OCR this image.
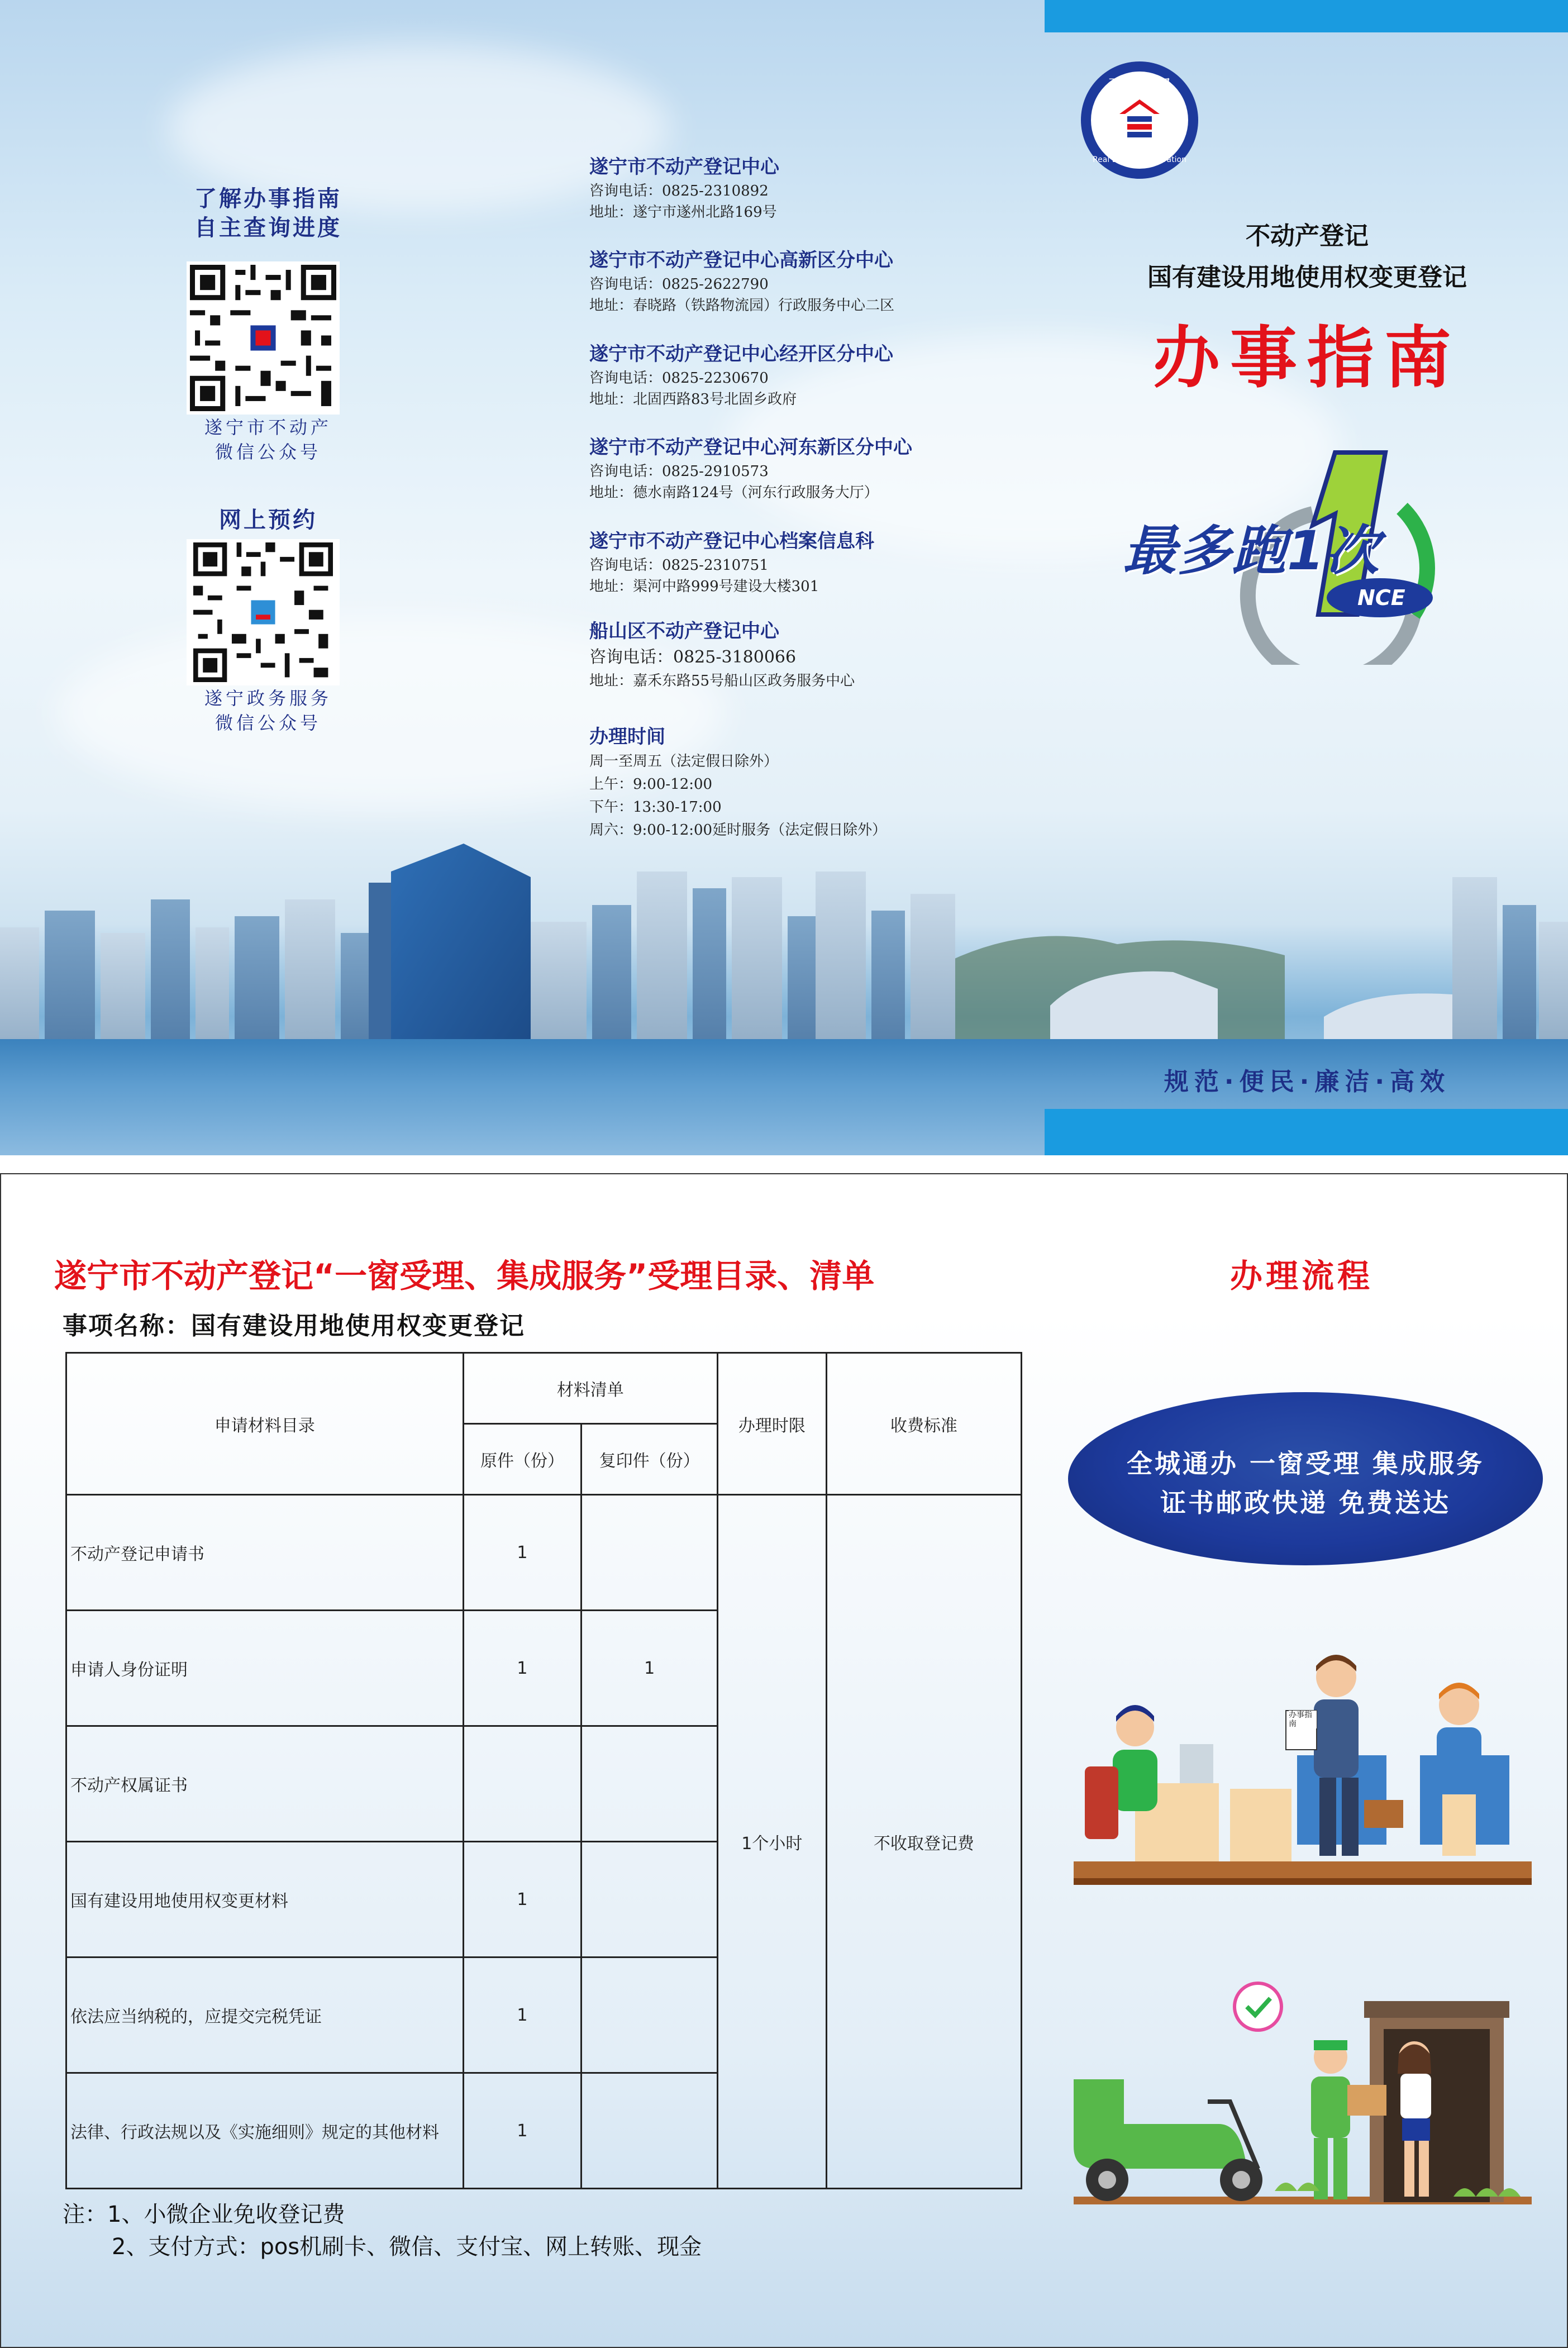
了解办事指南
自主查询进度
遂宁市不动产
微信公众号
网上预约
遂宁政务服务
微信公众号
遂宁市不动产登记中心
咨询电话：0825-2310892
地址：遂宁市遂州北路169号
遂宁市不动产登记中心高新区分中心
咨询电话：0825-2622790
地址：春晓路（铁路物流园）行政服务中心二区
遂宁市不动产登记中心经开区分中心
咨询电话：0825-2230670
地址：北固西路83号北固乡政府
遂宁市不动产登记中心河东新区分中心
咨询电话：0825-2910573
地址：德水南路124号（河东行政服务大厅）
遂宁市不动产登记中心档案信息科
咨询电话：0825-2310751
地址：渠河中路999号建设大楼301
船山区不动产登记中心
咨询电话：0825-3180066
地址：嘉禾东路55号船山区政务服务中心
办理时间
周一至周五（法定假日除外）
上午：9:00-12:00
下午：13:30-17:00
周六：9:00-12:00延时服务（法定假日除外）
不动产登记
Real Estate Registration
不动产登记
国有建设用地使用权变更登记
办事指南
最多跑1次
NCE
规范·便民·廉洁·高效
遂宁市不动产登记“一窗受理、集成服务”受理目录、清单
事项名称：国有建设用地使用权变更登记
办理流程
申请材料目录	材料清单		办理时限	收费标准
	原件（份）	复印件（份）		
不动产登记申请书	1		1个小时	不收取登记费
申请人身份证明	1	1		
不动产权属证书				
国有建设用地使用权变更材料	1			
依法应当纳税的，应提交完税凭证	1			
法律、行政法规以及《实施细则》规定的其他材料	1			
注：1、小微企业免收登记费
2、支付方式：pos机刷卡、微信、支付宝、网上转账、现金
全城通办 一窗受理 集成服务
证书邮政快递 免费送达
办事指南
